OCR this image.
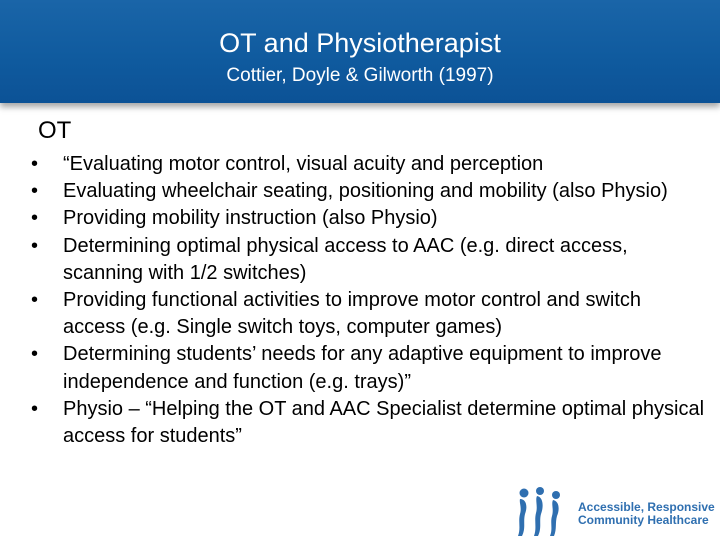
OT and Physiotherapist
Cottier, Doyle & Gilworth (1997)
OT
• “Evaluating motor control, visual acuity and perception
• Evaluating wheelchair seating, positioning and mobility (also Physio)
• Providing mobility instruction (also Physio)
• Determining optimal physical access to AAC (e.g. direct access, scanning with 1/2 switches)
• Providing functional activities to improve motor control and switch access (e.g. Single switch toys, computer games)
• Determining students’ needs for any adaptive equipment to improve independence and function (e.g. trays)”
• Physio – “Helping the OT and AAC Specialist determine optimal physical access for students”
Accessible, Responsive
Community Healthcare
